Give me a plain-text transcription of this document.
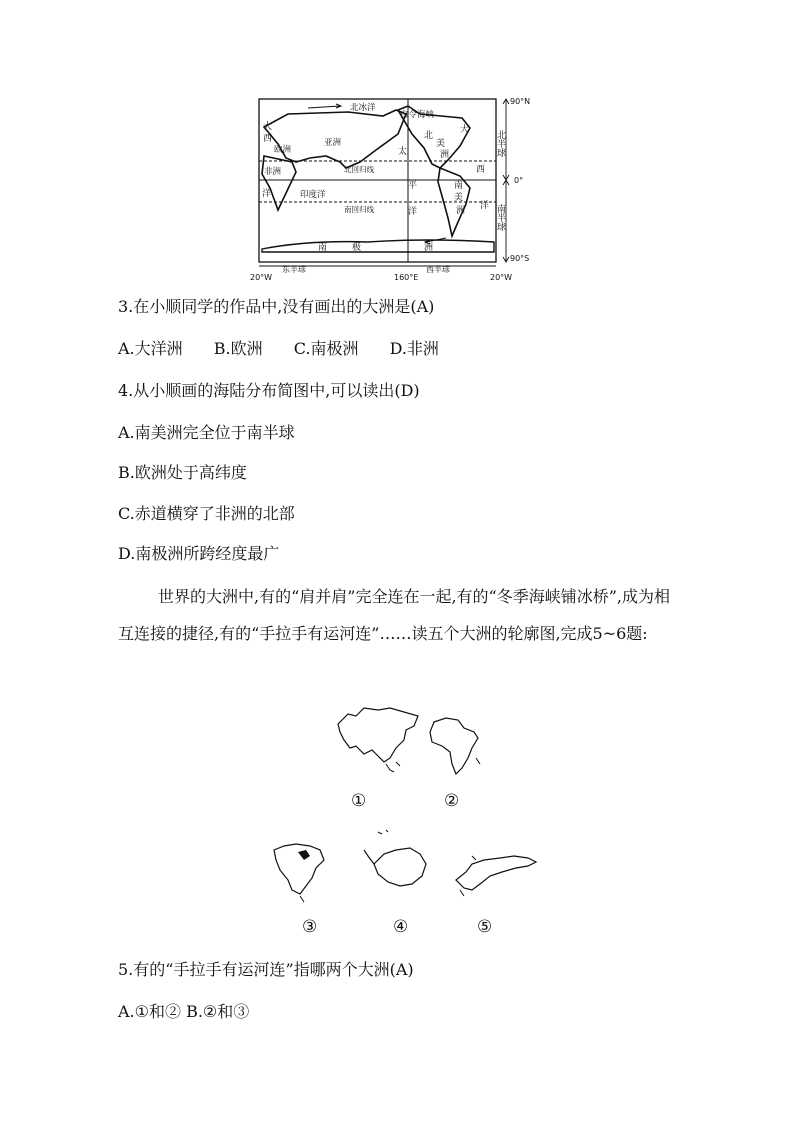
北冰洋
白令海峡
亚洲
欧洲
非洲
印度洋
北回归线
南回归线
太
平
洋
北
美
洲
南
美
洲
大
西
洋
大
西
洋
南	极	洲
90°N
0°
90°S
北半球
南半球
东半球	西半球
20°W	160°E	20°W
3.在小顺同学的作品中,没有画出的大洲是(A)
A.大洋洲 B.欧洲 C.南极洲 D.非洲
4.从小顺画的海陆分布简图中,可以读出(D)
A.南美洲完全位于南半球
B.欧洲处于高纬度
C.赤道横穿了非洲的北部
D.南极洲所跨经度最广
世界的大洲中,有的“肩并肩”完全连在一起,有的“冬季海峡铺冰桥”,成为相互连接的捷径,有的“手拉手有运河连”……读五个大洲的轮廓图,完成5~6题:
①	②
③	④	⑤
5.有的“手拉手有运河连”指哪两个大洲(A)
A.①和② B.②和③
